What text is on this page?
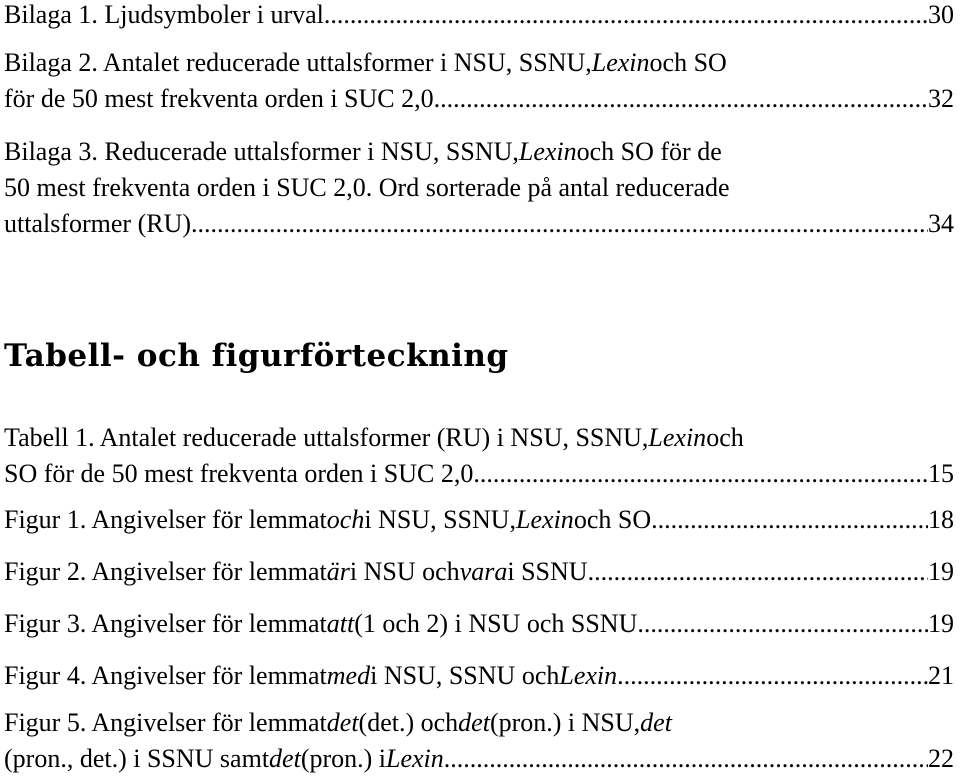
Bilaga 1. Ljudsymboler i urval .....	30
Bilaga 2. Antalet reducerade uttalsformer i NSU, SSNU, Lexin och SO
för de 50 mest frekventa orden i SUC 2,0 .....	32
Bilaga 3. Reducerade uttalsformer i NSU, SSNU, Lexin och SO för de
50 mest frekventa orden i SUC 2,0. Ord sorterade på antal reducerade
uttalsformer (RU) .....	34
Tabell- och figurförteckning
Tabell 1. Antalet reducerade uttalsformer (RU) i NSU, SSNU, Lexin och
SO för de 50 mest frekventa orden i SUC 2,0 .....	15
Figur 1. Angivelser för lemmat och i NSU, SSNU, Lexin och SO .....	18
Figur 2. Angivelser för lemmat är i NSU och vara i SSNU .....	19
Figur 3. Angivelser för lemmat att (1 och 2) i NSU och SSNU .....	19
Figur 4. Angivelser för lemmat med i NSU, SSNU och Lexin .....	21
Figur 5. Angivelser för lemmat det (det.) och det (pron.) i NSU, det
(pron., det.) i SSNU samt det (pron.) i Lexin .....	22
